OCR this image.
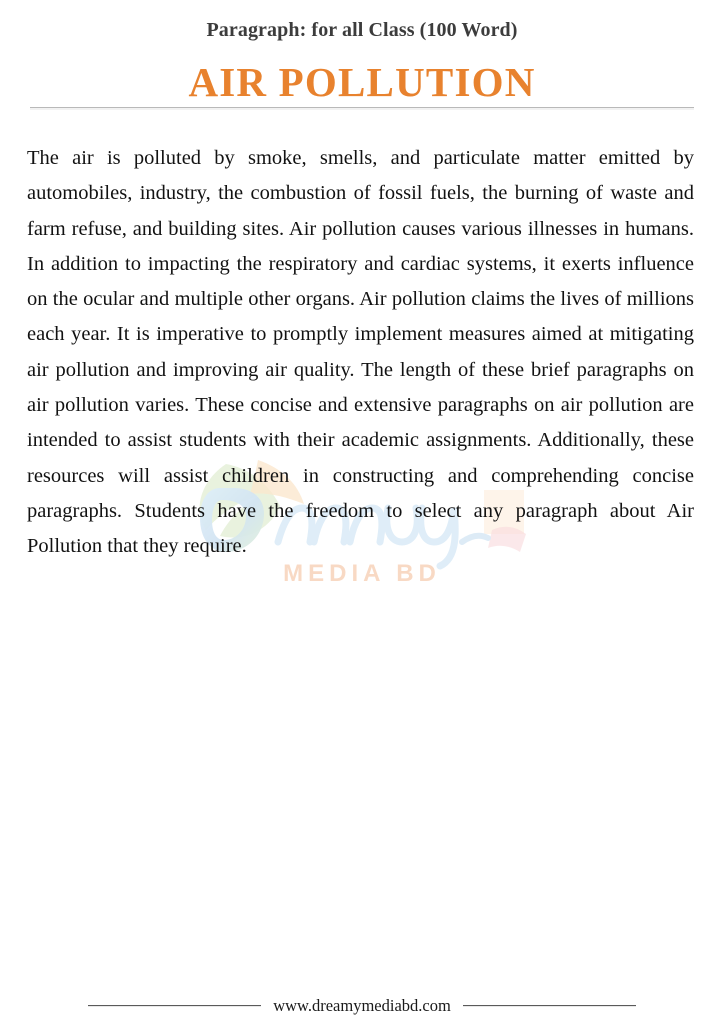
Paragraph: for all Class (100 Word)

AIR POLLUTION
MEDIA BD

The air is polluted by smoke, smells, and particulate matter emitted by automobiles, industry, the combustion of fossil fuels, the burning of waste and farm refuse, and building sites. Air pollution causes various illnesses in humans. In addition to impacting the respiratory and cardiac systems, it exerts influence on the ocular and multiple other organs. Air pollution claims the lives of millions each year. It is imperative to promptly implement measures aimed at mitigating air pollution and improving air quality. The length of these brief paragraphs on air pollution varies. These concise and extensive paragraphs on air pollution are intended to assist students with their academic assignments. Additionally, these resources will assist children in constructing and comprehending concise paragraphs. Students have the freedom to select any paragraph about Air Pollution that they require.

www.dreamymediabd.com
